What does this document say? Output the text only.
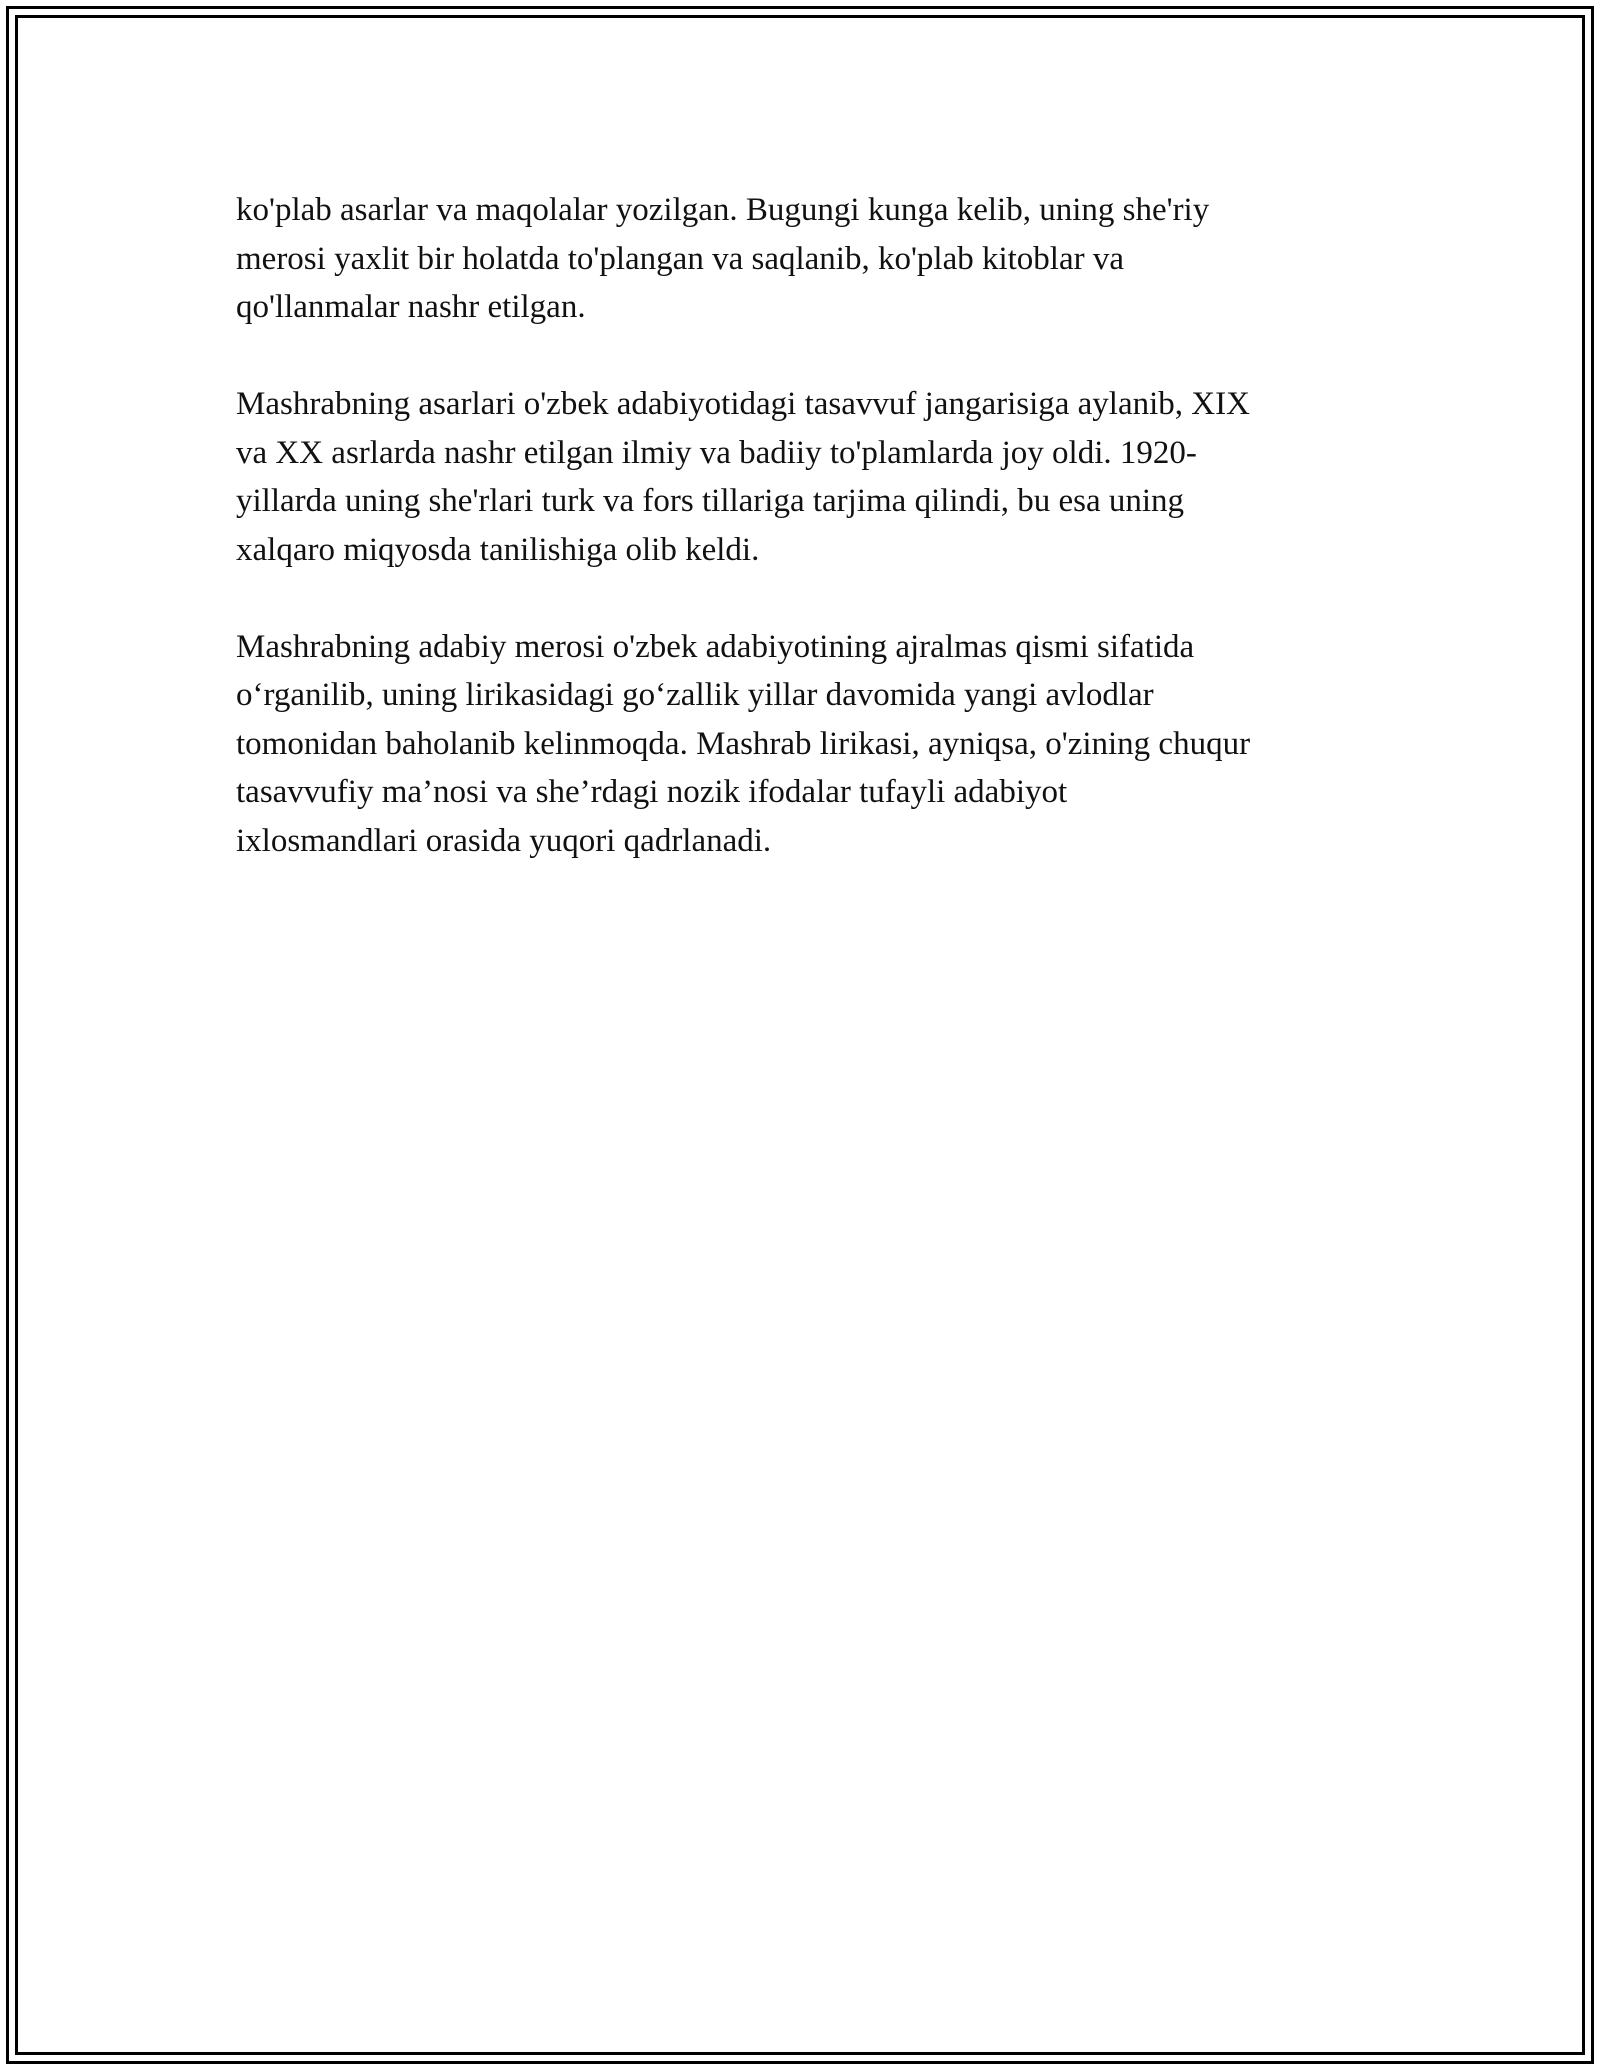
ko'plab asarlar va maqolalar yozilgan. Bugungi kunga kelib, uning she'riy
merosi yaxlit bir holatda to'plangan va saqlanib, ko'plab kitoblar va
qo'llanmalar nashr etilgan.

Mashrabning asarlari o'zbek adabiyotidagi tasavvuf jangarisiga aylanib, XIX
va XX asrlarda nashr etilgan ilmiy va badiiy to'plamlarda joy oldi. 1920-
yillarda uning she'rlari turk va fors tillariga tarjima qilindi, bu esa uning
xalqaro miqyosda tanilishiga olib keldi.

Mashrabning adabiy merosi o'zbek adabiyotining ajralmas qismi sifatida
o‘rganilib, uning lirikasidagi go‘zallik yillar davomida yangi avlodlar
tomonidan baholanib kelinmoqda. Mashrab lirikasi, ayniqsa, o'zining chuqur
tasavvufiy ma’nosi va she’rdagi nozik ifodalar tufayli adabiyot
ixlosmandlari orasida yuqori qadrlanadi.
